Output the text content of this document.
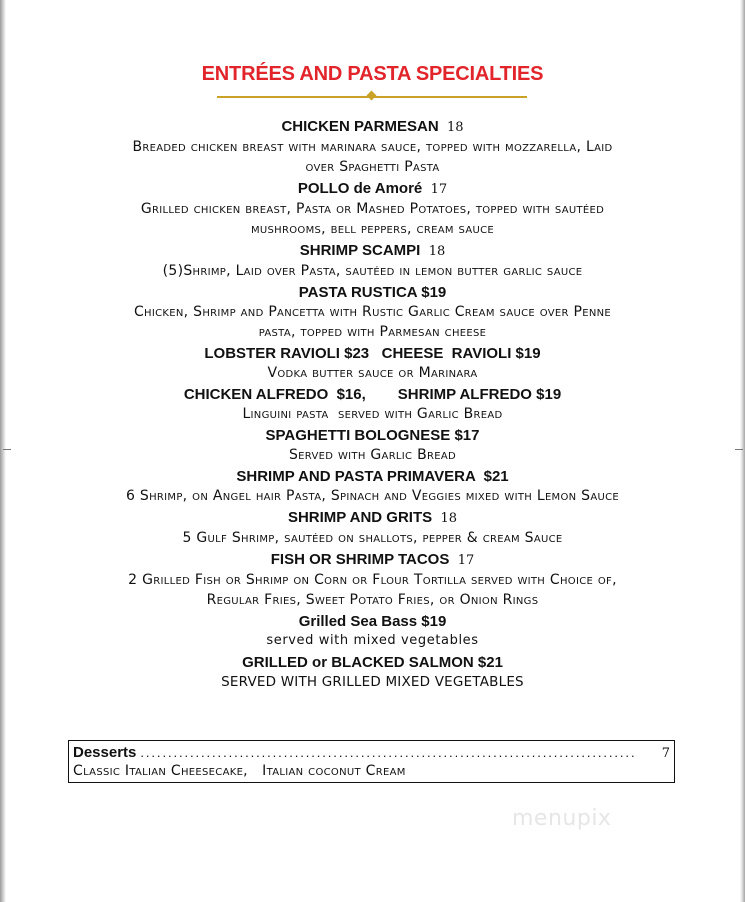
ENTRÉES AND PASTA SPECIALTIES
CHICKEN PARMESAN 18
Breaded chicken breast with marinara sauce, topped with mozzarella, Laid
over Spaghetti Pasta
POLLO de Amoré 17
Grilled chicken breast, Pasta or Mashed Potatoes, topped with sautéed
mushrooms, bell peppers, cream sauce
SHRIMP SCAMPI 18
(5)Shrimp, Laid over Pasta, sautéed in lemon butter garlic sauce
PASTA RUSTICA $19
Chicken, Shrimp and Pancetta with Rustic Garlic Cream sauce over Penne
pasta, topped with Parmesan cheese
LOBSTER RAVIOLI $23   CHEESE  RAVIOLI $19
Vodka butter sauce or Marinara
CHICKEN ALFREDO  $16, SHRIMP ALFREDO $19
Linguini pasta  served with Garlic Bread
SPAGHETTI BOLOGNESE $17
Served with Garlic Bread
SHRIMP AND PASTA PRIMAVERA  $21
6 Shrimp, on Angel hair Pasta, Spinach and Veggies mixed with Lemon Sauce
SHRIMP AND GRITS 18
5 Gulf Shrimp, sautéed on shallots, pepper & cream Sauce
FISH OR SHRIMP TACOS 17
2 Grilled Fish or Shrimp on Corn or Flour Tortilla served with Choice of,
Regular Fries, Sweet Potato Fries, or Onion Rings
Grilled Sea Bass $19
served with mixed vegetables
GRILLED or BLACKED SALMON $21
SERVED WITH GRILLED MIXED VEGETABLES
Desserts ..........................................................................................	7
Classic Italian Cheesecake,   Italian coconut Cream
menupix
